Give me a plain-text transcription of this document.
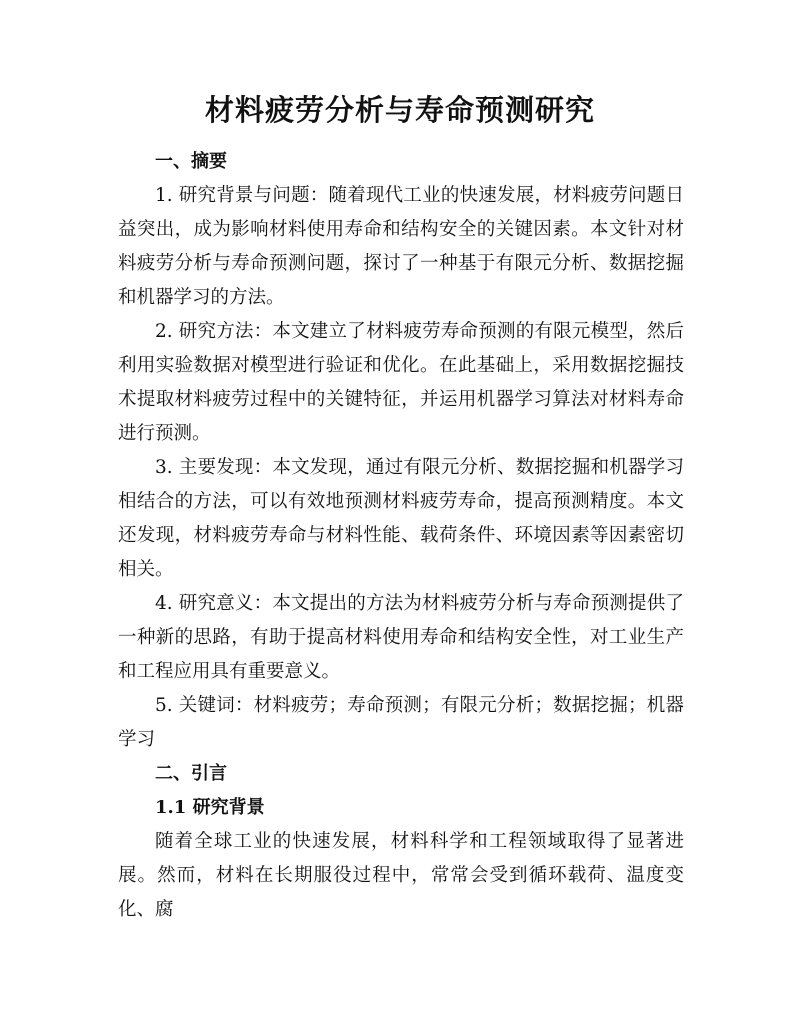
材料疲劳分析与寿命预测研究
一、摘要

1. 研究背景与问题：随着现代工业的快速发展，材料疲劳问题日益突出，成为影响材料使用寿命和结构安全的关键因素。本文针对材料疲劳分析与寿命预测问题，探讨了一种基于有限元分析、数据挖掘和机器学习的方法。

2. 研究方法：本文建立了材料疲劳寿命预测的有限元模型，然后利用实验数据对模型进行验证和优化。在此基础上，采用数据挖掘技术提取材料疲劳过程中的关键特征，并运用机器学习算法对材料寿命进行预测。

3. 主要发现：本文发现，通过有限元分析、数据挖掘和机器学习相结合的方法，可以有效地预测材料疲劳寿命，提高预测精度。本文还发现，材料疲劳寿命与材料性能、载荷条件、环境因素等因素密切相关。

4. 研究意义：本文提出的方法为材料疲劳分析与寿命预测提供了一种新的思路，有助于提高材料使用寿命和结构安全性，对工业生产和工程应用具有重要意义。

5. 关键词：材料疲劳；寿命预测；有限元分析；数据挖掘；机器学习

二、引言
1.1 研究背景

随着全球工业的快速发展，材料科学和工程领域取得了显著进展。然而，材料在长期服役过程中，常常会受到循环载荷、温度变化、腐
